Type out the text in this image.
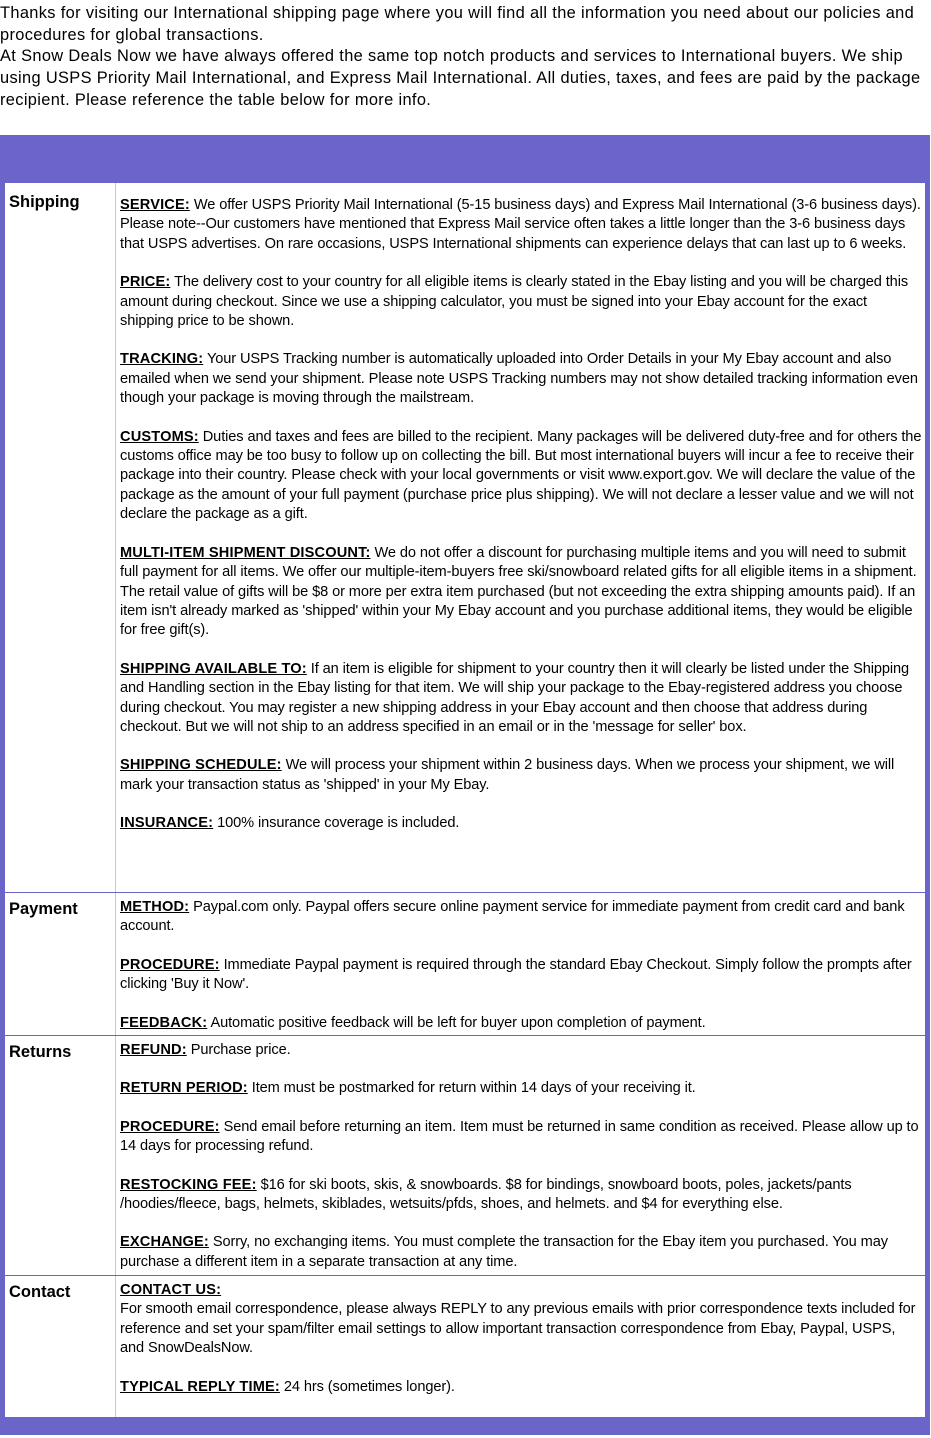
Thanks for visiting our International shipping page where you will find all the information you need about our policies and procedures for global transactions.

At Snow Deals Now we have always offered the same top notch products and services to International buyers. We ship using USPS Priority Mail International, and Express Mail International. All duties, taxes, and fees are paid by the package recipient. Please reference the table below for more info.

Shipping	SERVICE: We offer USPS Priority Mail International (5-15 business days) and Express Mail International (3-6 business days). Please note--Our customers have mentioned that Express Mail service often takes a little longer than the 3-6 business days that USPS advertises. On rare occasions, USPS International shipments can experience delays that can last up to 6 weeks.

PRICE: The delivery cost to your country for all eligible items is clearly stated in the Ebay listing and you will be charged this amount during checkout. Since we use a shipping calculator, you must be signed into your Ebay account for the exact shipping price to be shown.

TRACKING: Your USPS Tracking number is automatically uploaded into Order Details in your My Ebay account and also emailed when we send your shipment. Please note USPS Tracking numbers may not show detailed tracking information even though your package is moving through the mailstream.

CUSTOMS: Duties and taxes and fees are billed to the recipient. Many packages will be delivered duty-free and for others the customs office may be too busy to follow up on collecting the bill. But most international buyers will incur a fee to receive their package into their country. Please check with your local governments or visit www.export.gov. We will declare the value of the package as the amount of your full payment (purchase price plus shipping). We will not declare a lesser value and we will not declare the package as a gift.

MULTI-ITEM SHIPMENT DISCOUNT: We do not offer a discount for purchasing multiple items and you will need to submit full payment for all items. We offer our multiple-item-buyers free ski/snowboard related gifts for all eligible items in a shipment. The retail value of gifts will be $8 or more per extra item purchased (but not exceeding the extra shipping amounts paid). If an item isn't already marked as 'shipped' within your My Ebay account and you purchase additional items, they would be eligible for free gift(s).

SHIPPING AVAILABLE TO: If an item is eligible for shipment to your country then it will clearly be listed under the Shipping and Handling section in the Ebay listing for that item. We will ship your package to the Ebay-registered address you choose during checkout. You may register a new shipping address in your Ebay account and then choose that address during checkout. But we will not ship to an address specified in an email or in the 'message for seller' box.

SHIPPING SCHEDULE: We will process your shipment within 2 business days. When we process your shipment, we will mark your transaction status as 'shipped' in your My Ebay.

INSURANCE: 100% insurance coverage is included.

Payment	METHOD: Paypal.com only. Paypal offers secure online payment service for immediate payment from credit card and bank account.

PROCEDURE: Immediate Paypal payment is required through the standard Ebay Checkout. Simply follow the prompts after clicking 'Buy it Now'.

FEEDBACK: Automatic positive feedback will be left for buyer upon completion of payment.

Returns	REFUND: Purchase price.

RETURN PERIOD: Item must be postmarked for return within 14 days of your receiving it.

PROCEDURE: Send email before returning an item. Item must be returned in same condition as received. Please allow up to 14 days for processing refund.

RESTOCKING FEE: $16 for ski boots, skis, & snowboards. $8 for bindings, snowboard boots, poles, jackets/pants /hoodies/fleece, bags, helmets, skiblades, wetsuits/pfds, shoes, and helmets. and $4 for everything else.

EXCHANGE: Sorry, no exchanging items. You must complete the transaction for the Ebay item you purchased. You may purchase a different item in a separate transaction at any time.

Contact	CONTACT US:
For smooth email correspondence, please always REPLY to any previous emails with prior correspondence texts included for reference and set your spam/filter email settings to allow important transaction correspondence from Ebay, Paypal, USPS, and SnowDealsNow.

TYPICAL REPLY TIME: 24 hrs (sometimes longer).
